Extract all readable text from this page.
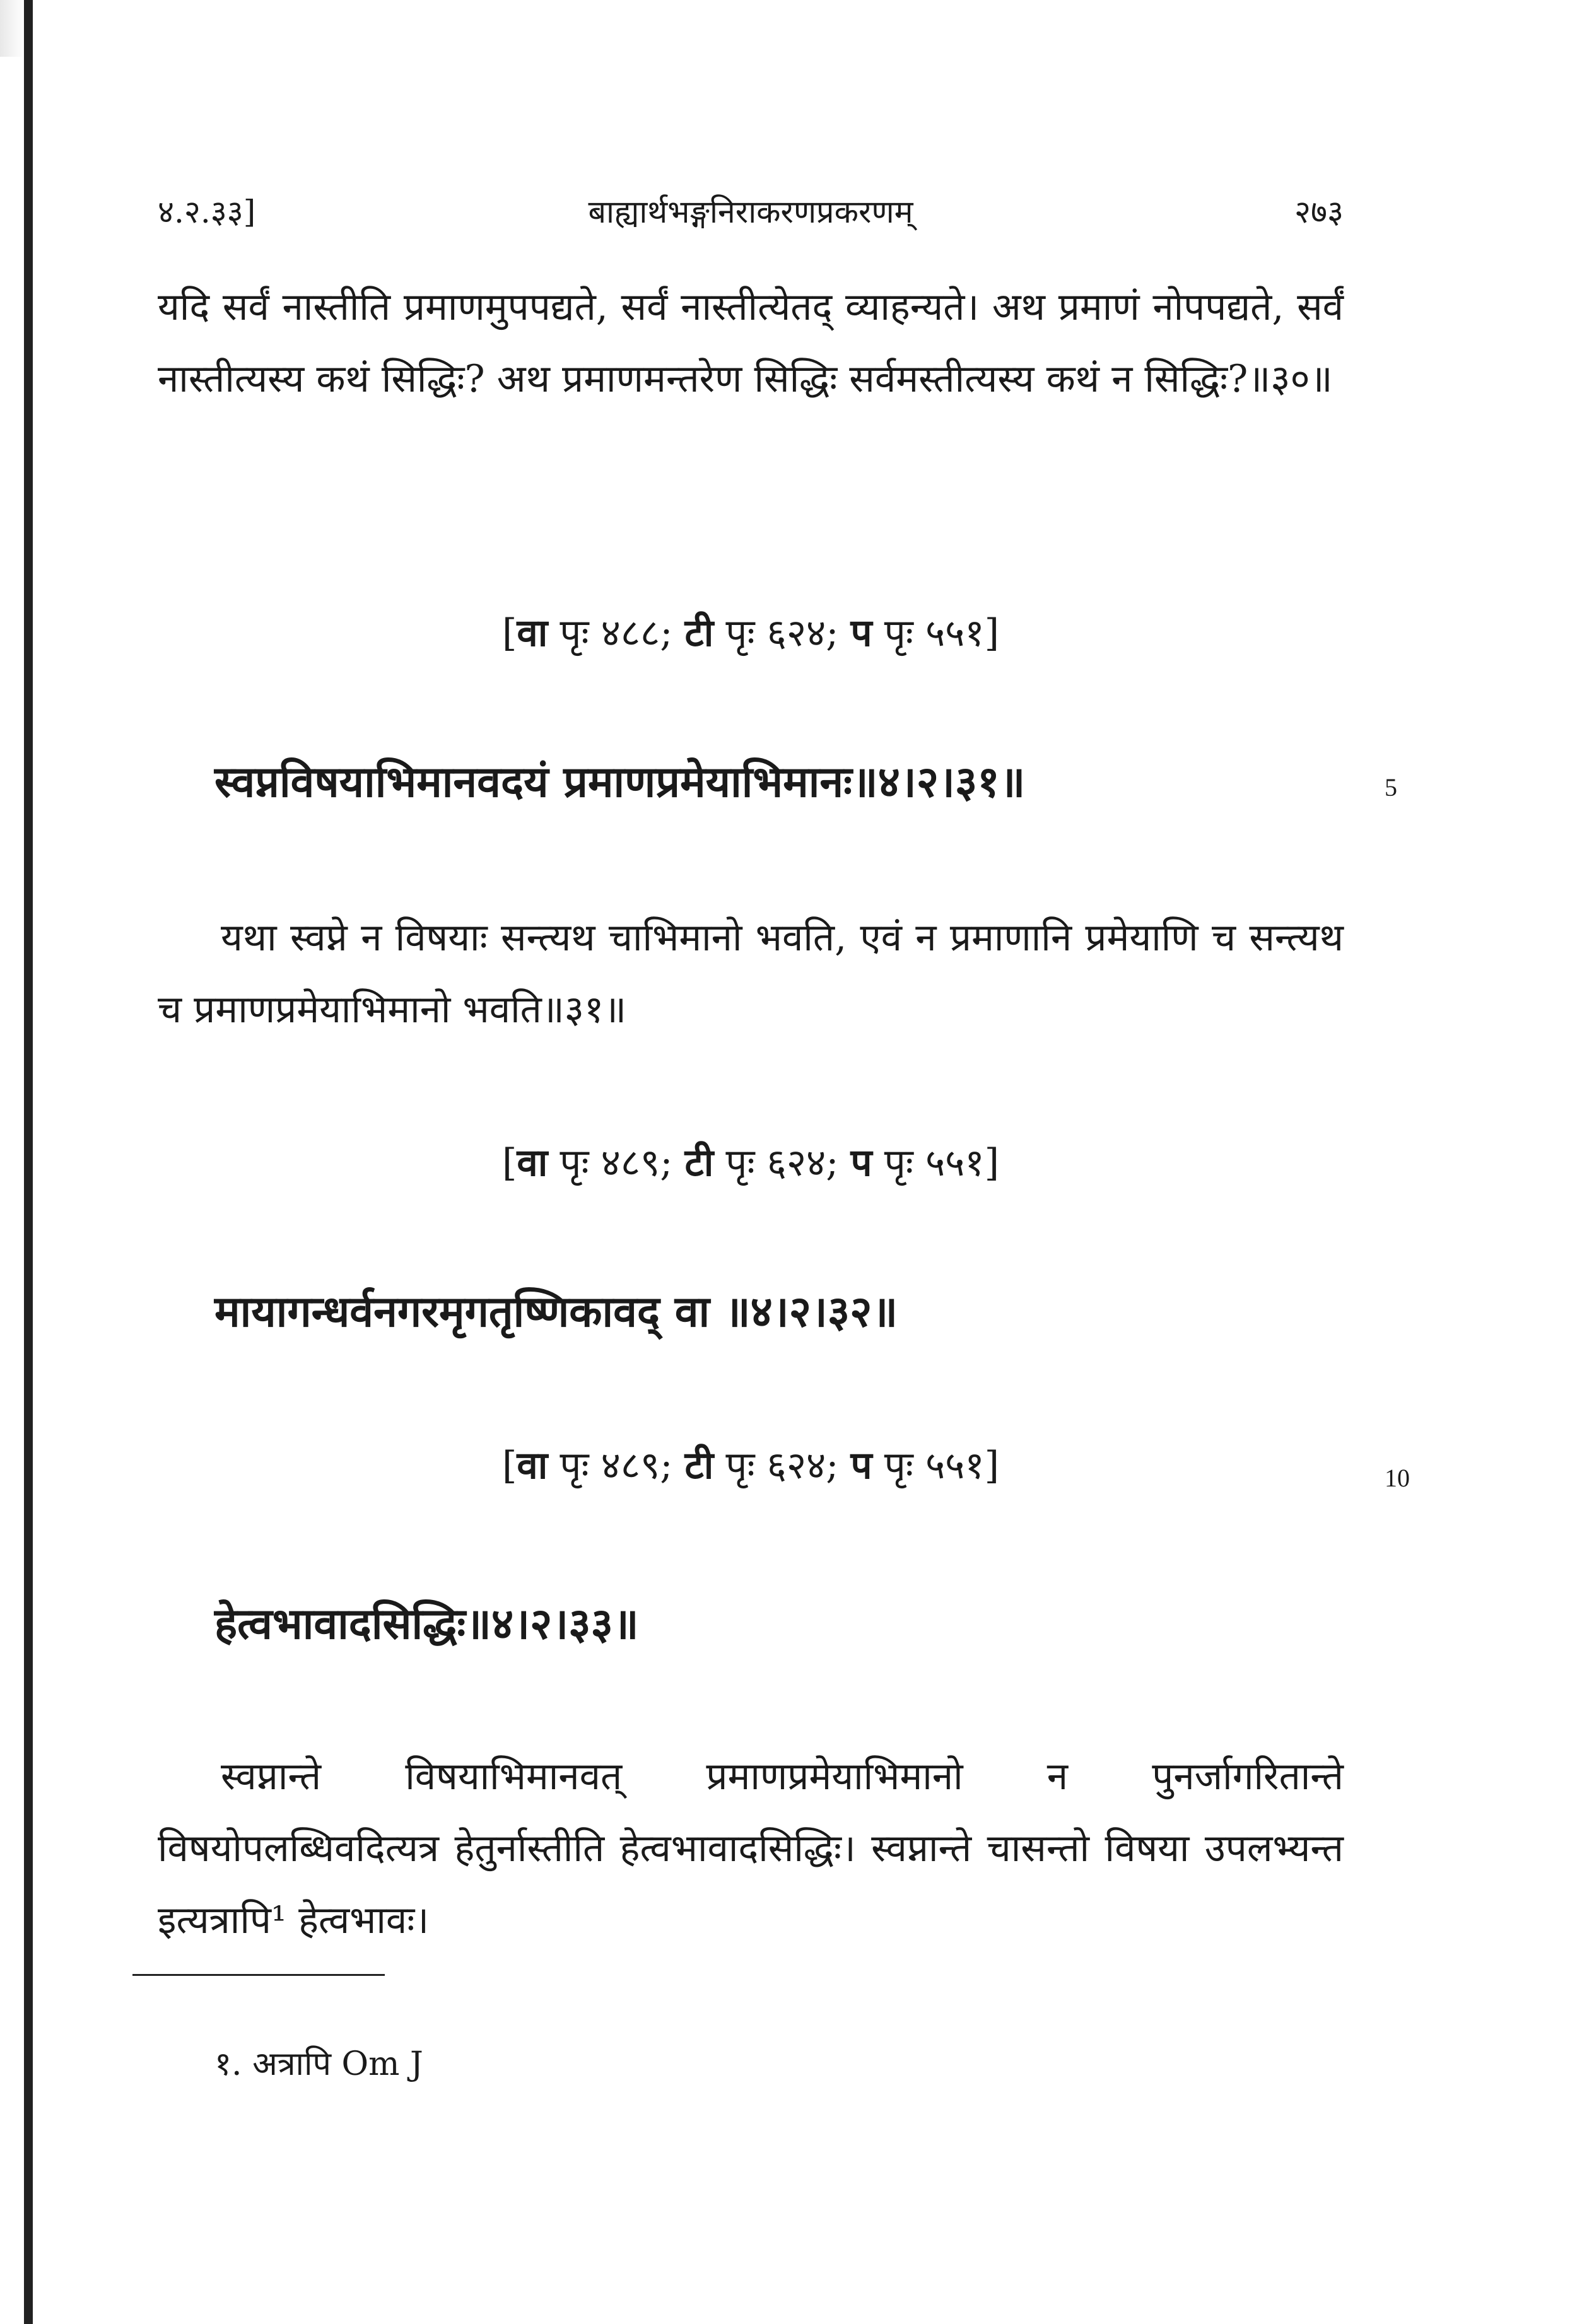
४.२.३३]	बाह्यार्थभङ्गनिराकरणप्रकरणम्	२७३
यदि सर्वं नास्तीति प्रमाणमुपपद्यते, सर्वं नास्तीत्येतद् व्याहन्यते। अथ प्रमाणं नोपपद्यते, सर्वं नास्तीत्यस्य कथं सिद्धिः? अथ प्रमाणमन्तरेण सिद्धिः सर्वमस्तीत्यस्य कथं न सिद्धिः?॥३०॥
[वा पृः ४८८; टी पृः ६२४; प पृः ५५१]
स्वप्नविषयाभिमानवदयं प्रमाणप्रमेयाभिमानः॥४।२।३१॥	5
यथा स्वप्ने न विषयाः सन्त्यथ चाभिमानो भवति, एवं न प्रमाणानि प्रमेयाणि च सन्त्यथ च प्रमाणप्रमेयाभिमानो भवति॥३१॥
[वा पृः ४८९; टी पृः ६२४; प पृः ५५१]
मायागन्धर्वनगरमृगतृष्णिकावद् वा ॥४।२।३२॥
[वा पृः ४८९; टी पृः ६२४; प पृः ५५१]	10
हेत्वभावादसिद्धिः॥४।२।३३॥
स्वप्नान्ते विषयाभिमानवत् प्रमाणप्रमेयाभिमानो न पुनर्जागरितान्ते विषयोपलब्धिवदित्यत्र हेतुर्नास्तीति हेत्वभावादसिद्धिः। स्वप्नान्ते चासन्तो विषया उपलभ्यन्त इत्यत्रापि¹ हेत्वभावः।
१. अत्रापि Om J
